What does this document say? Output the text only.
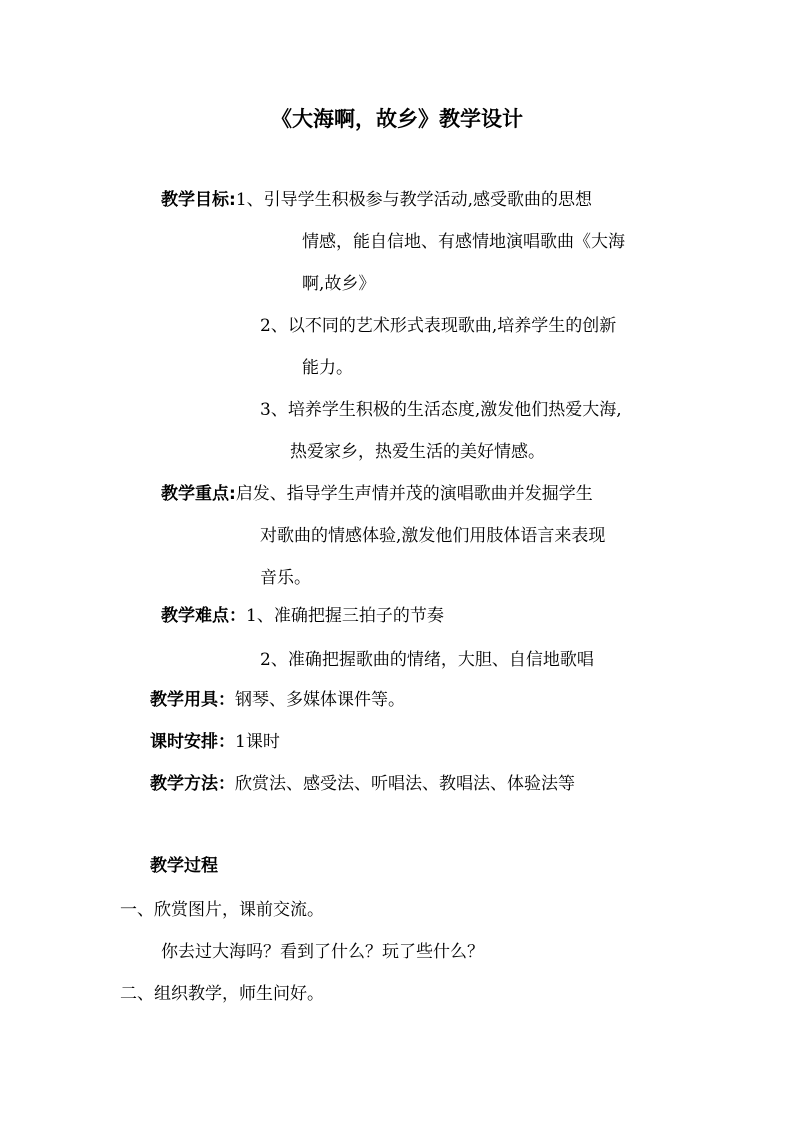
《大海啊，故乡》教学设计
教学目标:1、引导学生积极参与教学活动,感受歌曲的思想
情感，能自信地、有感情地演唱歌曲《大海
啊,故乡》
2、以不同的艺术形式表现歌曲,培养学生的创新
能力。
3、培养学生积极的生活态度,激发他们热爱大海,
热爱家乡，热爱生活的美好情感。
教学重点:启发、指导学生声情并茂的演唱歌曲并发掘学生
对歌曲的情感体验,激发他们用肢体语言来表现
音乐。
教学难点：1、准确把握三拍子的节奏
2、准确把握歌曲的情绪，大胆、自信地歌唱
教学用具：钢琴、多媒体课件等。
课时安排：1课时
教学方法：欣赏法、感受法、听唱法、教唱法、体验法等
教学过程
一、欣赏图片，课前交流。
你去过大海吗？看到了什么？玩了些什么？
二、组织教学，师生问好。
